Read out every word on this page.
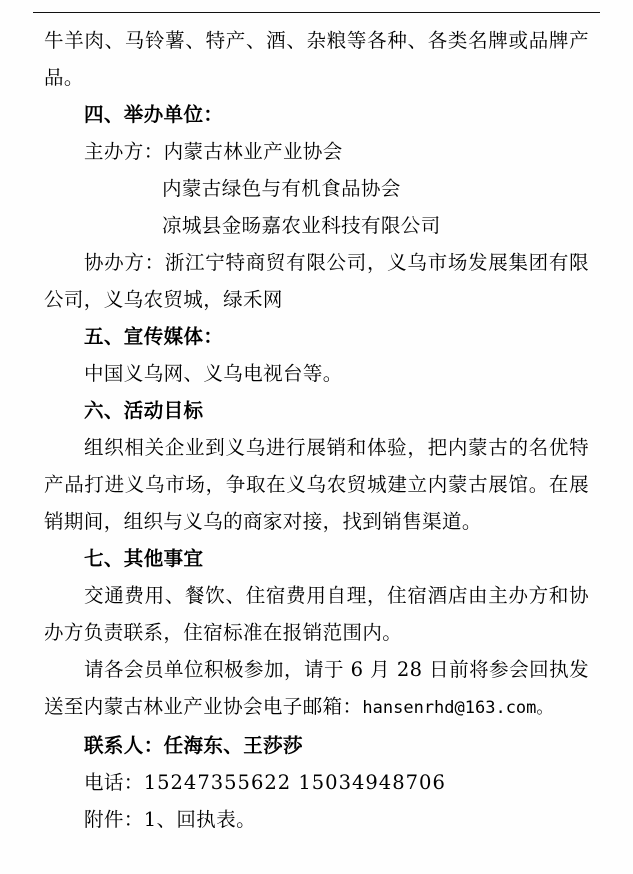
牛羊肉、马铃薯、特产、酒、杂粮等各种、各类名牌或品牌产品。

四、举办单位：

主办方：内蒙古林业产业协会

内蒙古绿色与有机食品协会

凉城县金旸嘉农业科技有限公司

协办方：浙江宁特商贸有限公司，义乌市场发展集团有限公司，义乌农贸城，绿禾网

五、宣传媒体：

中国义乌网、义乌电视台等。

六、活动目标

组织相关企业到义乌进行展销和体验，把内蒙古的名优特产品打进义乌市场，争取在义乌农贸城建立内蒙古展馆。在展销期间，组织与义乌的商家对接，找到销售渠道。

七、其他事宜

交通费用、餐饮、住宿费用自理，住宿酒店由主办方和协办方负责联系，住宿标准在报销范围内。

请各会员单位积极参加，请于 6 月 28 日前将参会回执发送至内蒙古林业产业协会电子邮箱：hansenrhd@163.com。

联系人：任海东、王莎莎

电话：15247355622 15034948706

附件：1、回执表。
